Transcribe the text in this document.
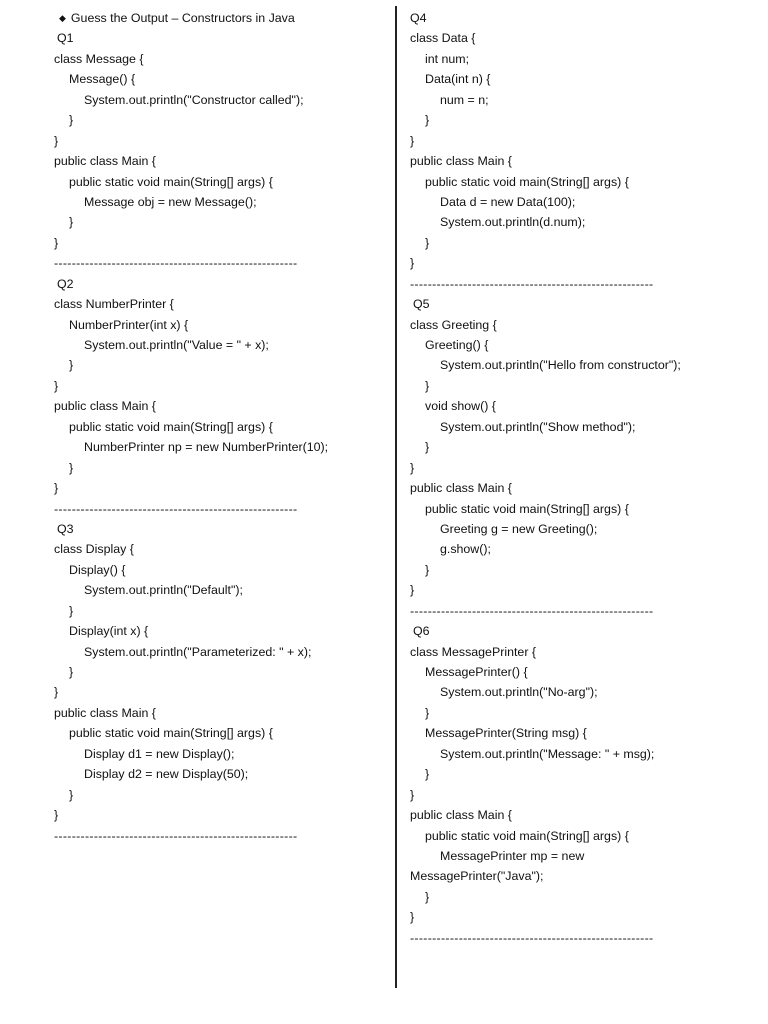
◆ Guess the Output – Constructors in Java
Q1
class Message {
Message() {
System.out.println("Constructor called");
}
}
public class Main {
public static void main(String[] args) {
Message obj = new Message();
}
}
-------------------------------------------------------
Q2
class NumberPrinter {
NumberPrinter(int x) {
System.out.println("Value = " + x);
}
}
public class Main {
public static void main(String[] args) {
NumberPrinter np = new NumberPrinter(10);
}
}
-------------------------------------------------------
Q3
class Display {
Display() {
System.out.println("Default");
}
Display(int x) {
System.out.println("Parameterized: " + x);
}
}
public class Main {
public static void main(String[] args) {
Display d1 = new Display();
Display d2 = new Display(50);
}
}
-------------------------------------------------------
Q4
class Data {
int num;
Data(int n) {
num = n;
}
}
public class Main {
public static void main(String[] args) {
Data d = new Data(100);
System.out.println(d.num);
}
}
-------------------------------------------------------
Q5
class Greeting {
Greeting() {
System.out.println("Hello from constructor");
}
void show() {
System.out.println("Show method");
}
}
public class Main {
public static void main(String[] args) {
Greeting g = new Greeting();
g.show();
}
}
-------------------------------------------------------
Q6
class MessagePrinter {
MessagePrinter() {
System.out.println("No-arg");
}
MessagePrinter(String msg) {
System.out.println("Message: " + msg);
}
}
public class Main {
public static void main(String[] args) {
MessagePrinter mp = new
MessagePrinter("Java");
}
}
-------------------------------------------------------
